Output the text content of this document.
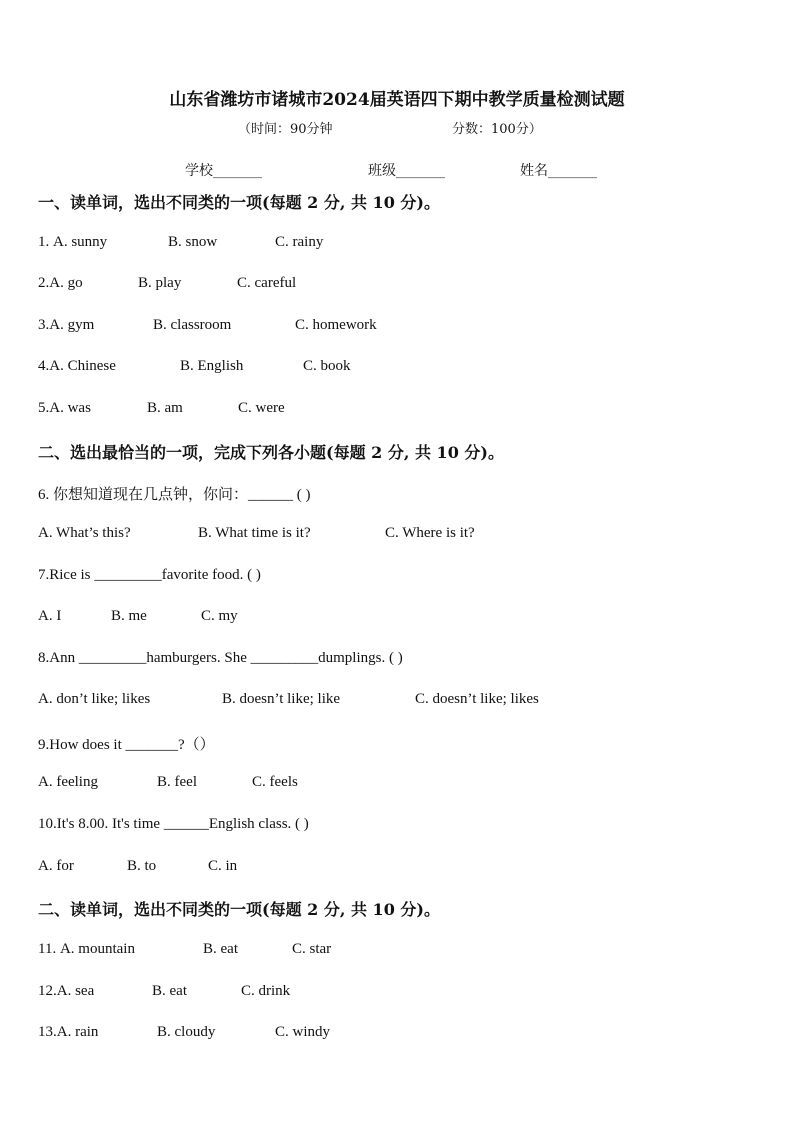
山东省潍坊市诸城市2024届英语四下期中教学质量检测试题
（时间：90分钟	分数：100分）
学校_______	班级_______	姓名_______
一、读单词，选出不同类的一项(每题 2 分, 共 10 分)。
1. A. sunny	B. snow	C. rainy
2.A. go	B. play	C. careful
3.A. gym	B. classroom	C. homework
4.A. Chinese	B. English	C. book
5.A. was	B. am	C. were
二、选出最恰当的一项，完成下列各小题(每题 2 分, 共 10 分)。
6. 你想知道现在几点钟，你问：______ ( )
A. What’s this?	B. What time is it?	C. Where is it?
7.Rice is _________favorite food. ( )
A. I	B. me	C. my
8.Ann _________hamburgers. She _________dumplings. ( )
A. don’t like; likes	B. doesn’t like; like	C. doesn’t like; likes
9.How does it _______?（）
A. feeling	B. feel	C. feels
10.It's 8.00. It's time ______English class. ( )
A. for	B. to	C. in
二、读单词，选出不同类的一项(每题 2 分, 共 10 分)。
11. A. mountain	B. eat	C. star
12.A. sea	B. eat	C. drink
13.A. rain	B. cloudy	C. windy
